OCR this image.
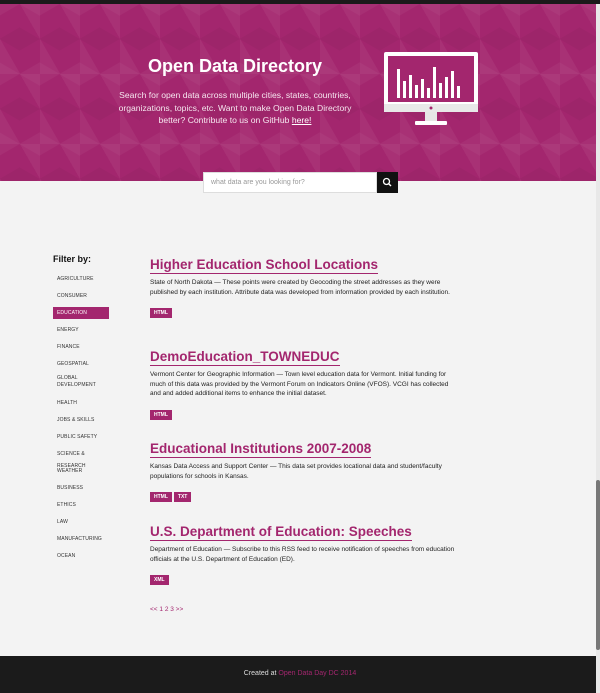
Open Data Directory
Search for open data across multiple cities, states, countries, organizations, topics, etc. Want to make Open Data Directory better? Contribute to us on GitHub here!
what data are you looking for?
Filter by:
AGRICULTURE
CONSUMER
EDUCATION
ENERGY
FINANCE
GEOSPATIAL
GLOBAL DEVELOPMENT
HEALTH
JOBS & SKILLS
PUBLIC SAFETY
SCIENCE & RESEARCH
WEATHER
BUSINESS
ETHICS
LAW
MANUFACTURING
OCEAN
Higher Education School Locations
State of North Dakota — These points were created by Geocoding the street addresses as they were published by each institution. Attribute data was developed from information provided by each institution.
HTML
DemoEducation_TOWNEDUC
Vermont Center for Geographic Information — Town level education data for Vermont. Initial funding for much of this data was provided by the Vermont Forum on Indicators Online (VFOS). VCGI has collected and and added additional items to enhance the initial dataset.
HTML
Educational Institutions 2007-2008
Kansas Data Access and Support Center — This data set provides locational data and student/faculty populations for schools in Kansas.
HTML TXT
U.S. Department of Education: Speeches
Department of Education — Subscribe to this RSS feed to receive notification of speeches from education officials at the U.S. Department of Education (ED).
XML
<< 1 2 3 >>
Created at Open Data Day DC 2014
